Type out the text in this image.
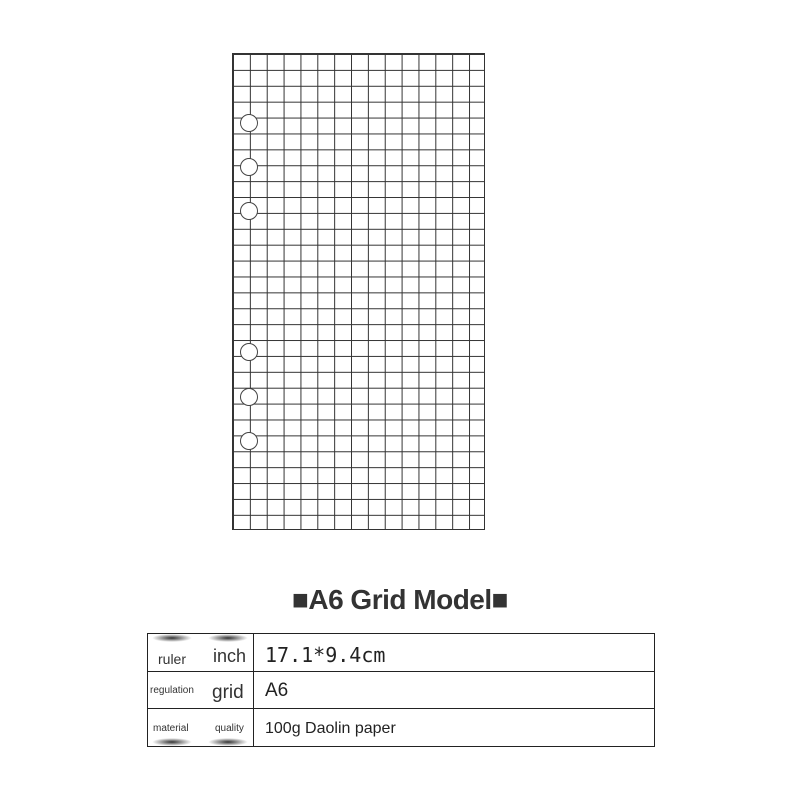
■A6 Grid Model■
ruler inch 17.1*9.4cm
regulation grid A6
material	quality 100g Daolin paper
